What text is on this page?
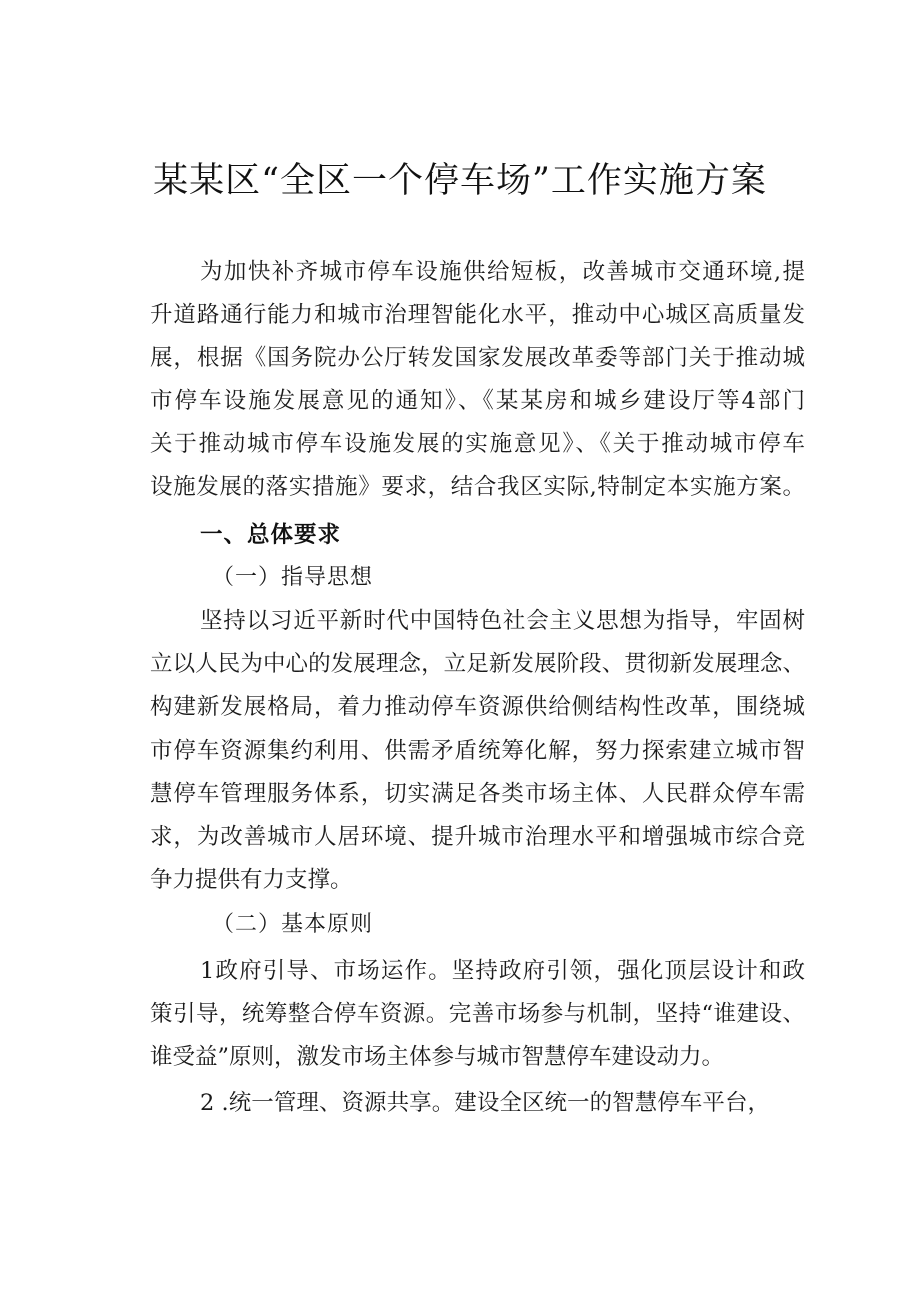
某某区“全区一个停车场”工作实施方案
为加快补齐城市停车设施供给短板，改善城市交通环境,提
升道路通行能力和城市治理智能化水平，推动中心城区高质量发
展，根据《国务院办公厅转发国家发展改革委等部门关于推动城
市停车设施发展意见的通知》、《某某房和城乡建设厅等4部门
关于推动城市停车设施发展的实施意见》、《关于推动城市停车
设施发展的落实措施》要求，结合我区实际,特制定本实施方案。
一、总体要求
（一）指导思想
坚持以习近平新时代中国特色社会主义思想为指导，牢固树
立以人民为中心的发展理念，立足新发展阶段、贯彻新发展理念、
构建新发展格局，着力推动停车资源供给侧结构性改革，围绕城
市停车资源集约利用、供需矛盾统筹化解，努力探索建立城市智
慧停车管理服务体系，切实满足各类市场主体、人民群众停车需
求，为改善城市人居环境、提升城市治理水平和增强城市综合竞
争力提供有力支撑。
（二）基本原则
1政府引导、市场运作。坚持政府引领，强化顶层设计和政
策引导，统筹整合停车资源。完善市场参与机制，坚持“谁建设、
谁受益”原则，激发市场主体参与城市智慧停车建设动力。
2 .统一管理、资源共享。建设全区统一的智慧停车平台，
